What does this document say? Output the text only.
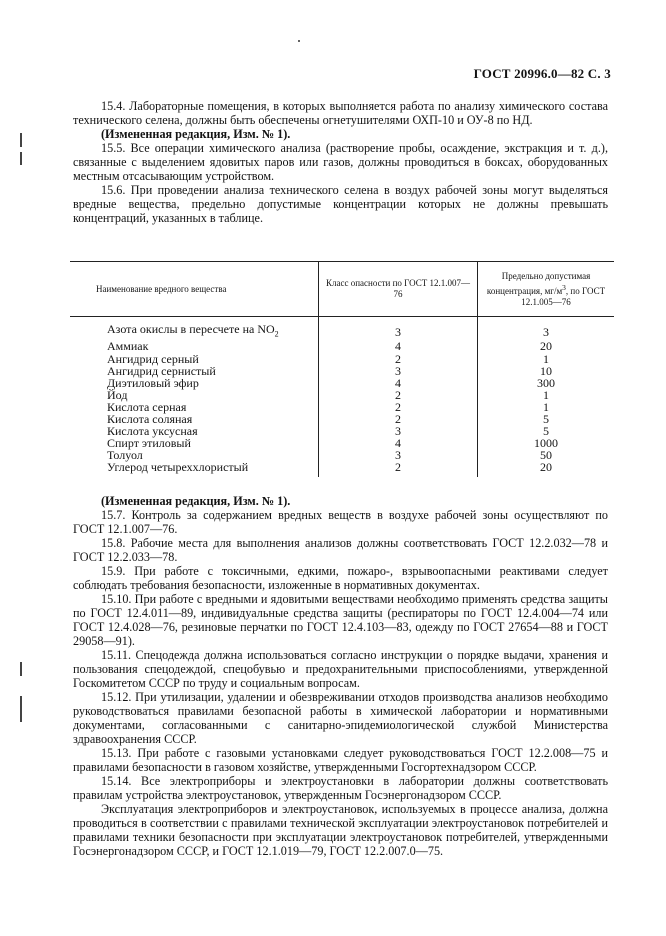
ГОСТ 20996.0—82 С. 3

15.4. Лабораторные помещения, в которых выполняется работа по анализу химического состава технического селена, должны быть обеспечены огнетушителями ОХП-10 и ОУ-8 по НД.

(Измененная редакция, Изм. № 1).

15.5. Все операции химического анализа (растворение пробы, осаждение, экстракция и т. д.), связанные с выделением ядовитых паров или газов, должны проводиться в боксах, оборудованных местным отсасывающим устройством.

15.6. При проведении анализа технического селена в воздух рабочей зоны могут выделяться вредные вещества, предельно допустимые концентрации которых не должны превышать концентраций, указанных в таблице.

Наименование вредного вещества	Класс опасности по ГОСТ 12.1.007—76	Предельно допустимая концентрация, $мг/м^3$, по ГОСТ 12.1.005—76
Азота окислы в пересчете на $NO_2$	3	3
Аммиак	4	20
Ангидрид серный	2	1
Ангидрид сернистый	3	10
Диэтиловый эфир	4	300
Йод	2	1
Кислота серная	2	1
Кислота соляная	2	5
Кислота уксусная	3	5
Спирт этиловый	4	1000
Толуол	3	50
Углерод четыреххлористый	2	20

(Измененная редакция, Изм. № 1).

15.7. Контроль за содержанием вредных веществ в воздухе рабочей зоны осуществляют по ГОСТ 12.1.007—76.

15.8. Рабочие места для выполнения анализов должны соответствовать ГОСТ 12.2.032—78 и ГОСТ 12.2.033—78.

15.9. При работе с токсичными, едкими, пожаро-, взрывоопасными реактивами следует соблюдать требования безопасности, изложенные в нормативных документах.

15.10. При работе с вредными и ядовитыми веществами необходимо применять средства защиты по ГОСТ 12.4.011—89, индивидуальные средства защиты (респираторы по ГОСТ 12.4.004—74 или ГОСТ 12.4.028—76, резиновые перчатки по ГОСТ 12.4.103—83, одежду по ГОСТ 27654—88 и ГОСТ 29058—91).

15.11. Спецодежда должна использоваться согласно инструкции о порядке выдачи, хранения и пользования спецодеждой, спецобувью и предохранительными приспособлениями, утвержденной Госкомитетом СССР по труду и социальным вопросам.

15.12. При утилизации, удалении и обезвреживании отходов производства анализов необходимо руководствоваться правилами безопасной работы в химической лаборатории и нормативными документами, согласованными с санитарно-эпидемиологической службой Министерства здравоохранения СССР.

15.13. При работе с газовыми установками следует руководствоваться ГОСТ 12.2.008—75 и правилами безопасности в газовом хозяйстве, утвержденными Госгортехнадзором СССР.

15.14. Все электроприборы и электроустановки в лаборатории должны соответствовать правилам устройства электроустановок, утвержденным Госэнергонадзором СССР.

Эксплуатация электроприборов и электроустановок, используемых в процессе анализа, должна проводиться в соответствии с правилами технической эксплуатации электроустановок потребителей и правилами техники безопасности при эксплуатации электроустановок потребителей, утвержденными Госэнергонадзором СССР, и ГОСТ 12.1.019—79, ГОСТ 12.2.007.0—75.
